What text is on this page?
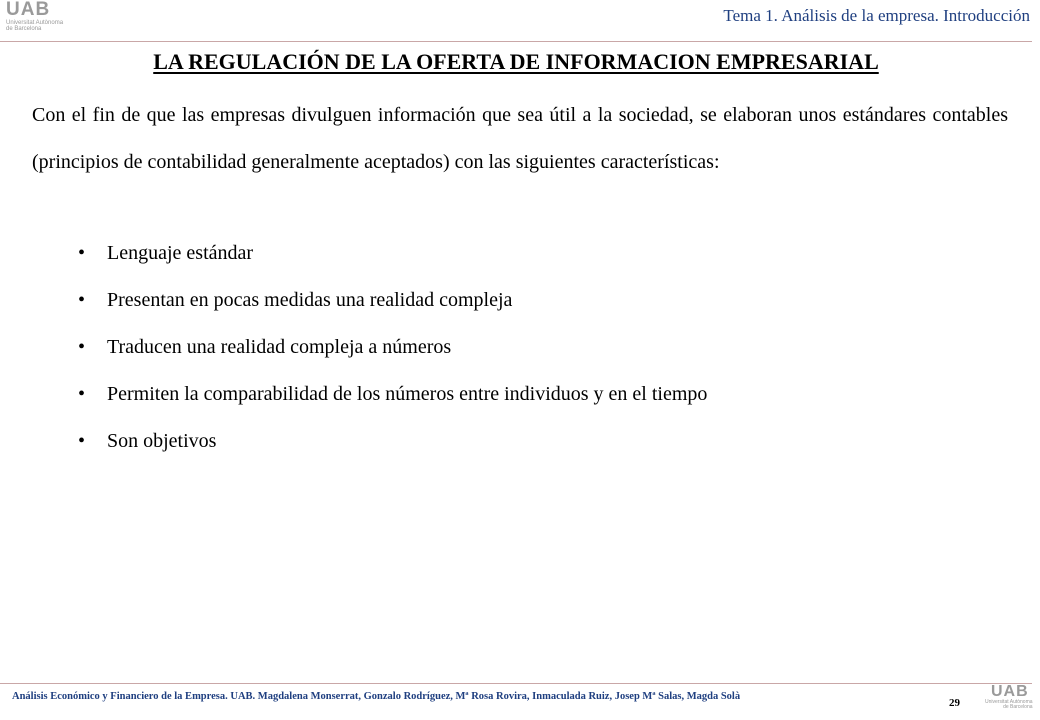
UAB
Universitat Autònoma
de Barcelona
Tema 1. Análisis de la empresa. Introducción
LA REGULACIÓN DE LA OFERTA DE INFORMACION EMPRESARIAL

Con el fin de que las empresas divulguen información que sea útil a la sociedad, se elaboran unos estándares contables (principios de contabilidad generalmente aceptados) con las siguientes características:

• Lenguaje estándar
• Presentan en pocas medidas una realidad compleja
• Traducen una realidad compleja a números
• Permiten la comparabilidad de los números entre individuos y en el tiempo
• Son objetivos
Análisis Económico y Financiero de la Empresa. UAB. Magdalena Monserrat, Gonzalo Rodríguez, Mª Rosa Rovira, Inmaculada Ruiz, Josep Mª Salas, Magda Solà
29
UAB
Universitat Autònoma
de Barcelona
